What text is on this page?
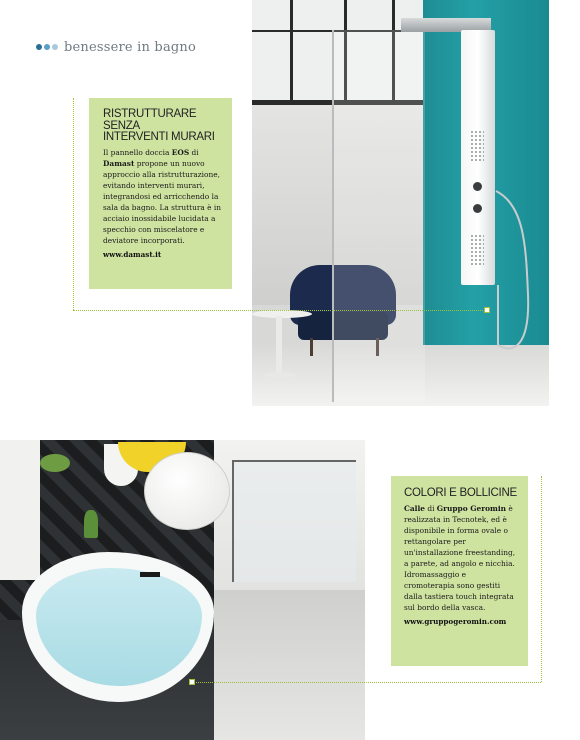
benessere in bagno
RISTRUTTURARE SENZA
INTERVENTI MURARI
Il pannello doccia EOS di Damast propone un nuovo approccio alla ristrutturazione, evitando interventi murari, integrandosi ed arricchendo la sala da bagno. La struttura è in acciaio inossidabile lucidata a specchio con miscelatore e deviatore incorporati.
www.damast.it
COLORI E BOLLICINE
Calle di Gruppo Geromin è realizzata in Tecnotek, ed è disponibile in forma ovale o rettangolare per un'installazione freestanding, a parete, ad angolo e nicchia. Idromassaggio e cromoterapia sono gestiti dalla tastiera touch integrata sul bordo della vasca.
www.gruppogeromin.com
